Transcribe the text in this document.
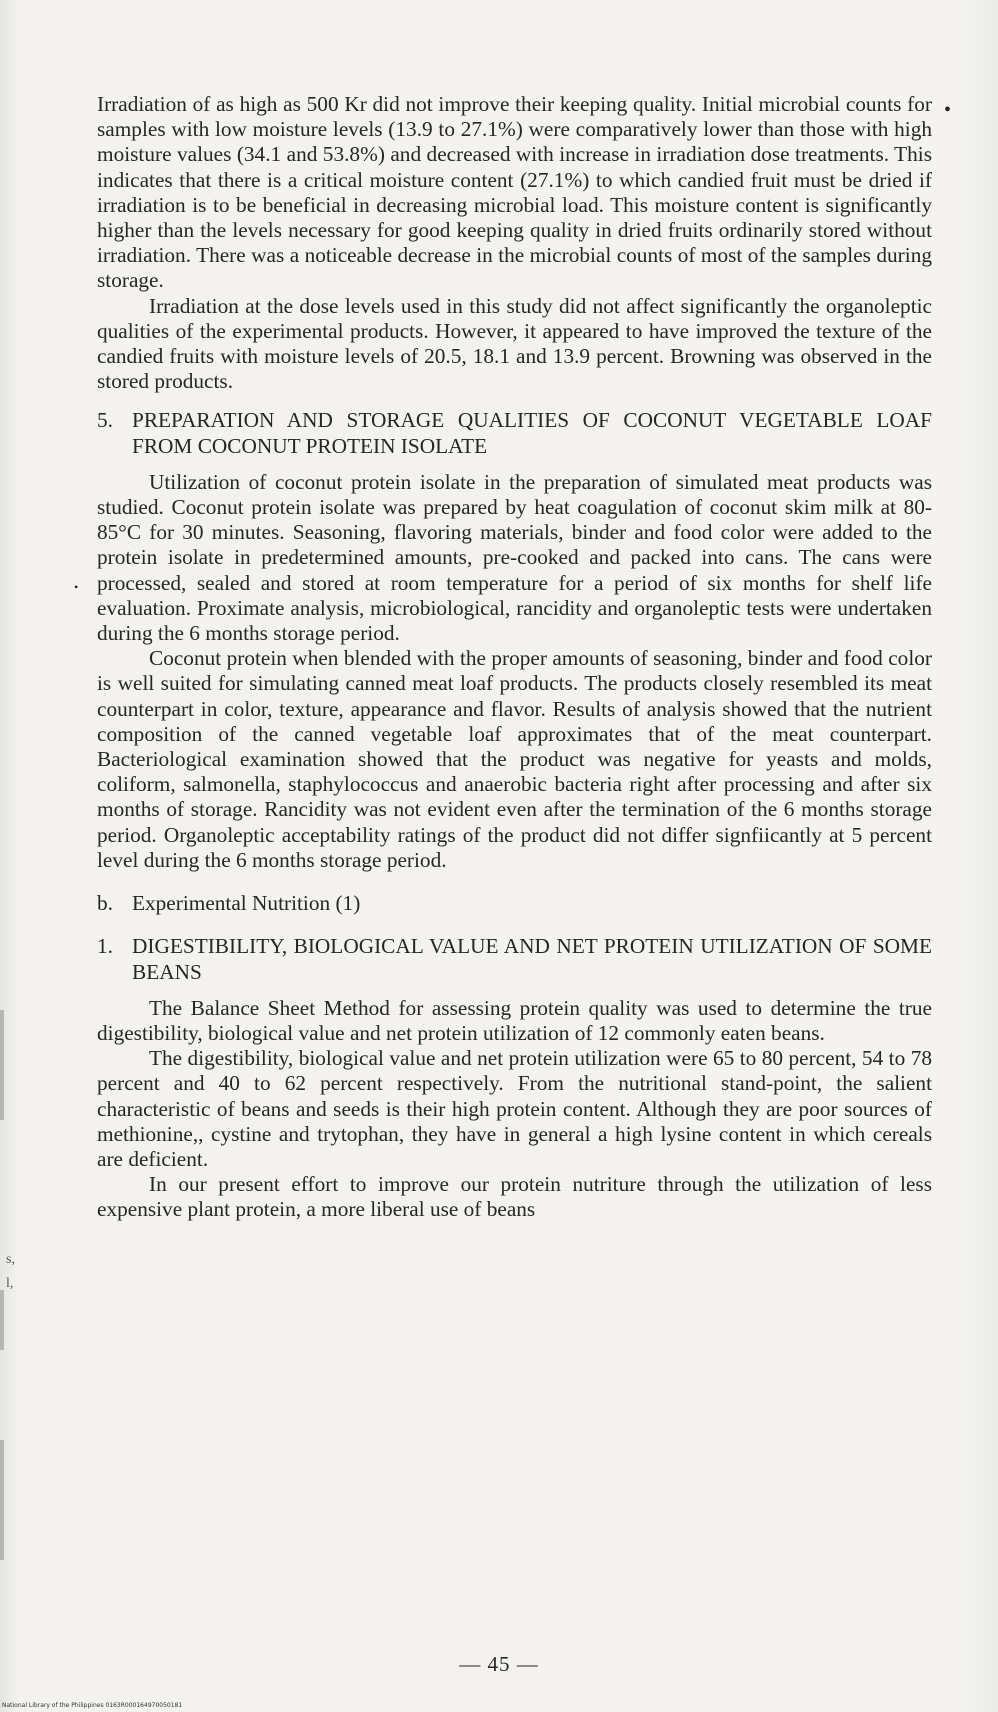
s,
l,
•
•

Irradiation of as high as 500 Kr did not improve their keeping quality. Initial microbial counts for samples with low moisture levels (13.9 to 27.1%) were comparatively lower than those with high moisture values (34.1 and 53.8%) and decreased with increase in irradiation dose treatments. This indicates that there is a critical moisture content (27.1%) to which candied fruit must be dried if irradiation is to be beneficial in decreasing microbial load. This moisture content is significantly higher than the levels necessary for good keeping quality in dried fruits ordinarily stored without irradiation. There was a noticeable decrease in the microbial counts of most of the samples during storage.

Irradiation at the dose levels used in this study did not affect significantly the organoleptic qualities of the experimental products. However, it appeared to have improved the texture of the candied fruits with moisture levels of 20.5, 18.1 and 13.9 percent. Browning was observed in the stored products.

5. PREPARATION AND STORAGE QUALITIES OF COCONUT VEGETABLE LOAF FROM COCONUT PROTEIN ISOLATE

Utilization of coconut protein isolate in the preparation of simulated meat products was studied. Coconut protein isolate was prepared by heat coagulation of coconut skim milk at 80-85°C for 30 minutes. Seasoning, flavoring materials, binder and food color were added to the protein isolate in predetermined amounts, pre-cooked and packed into cans. The cans were processed, sealed and stored at room temperature for a period of six months for shelf life evaluation. Proximate analysis, microbiological, rancidity and organoleptic tests were undertaken during the 6 months storage period.

Coconut protein when blended with the proper amounts of seasoning, binder and food color is well suited for simulating canned meat loaf products. The products closely resembled its meat counterpart in color, texture, appearance and flavor. Results of analysis showed that the nutrient composition of the canned vegetable loaf approximates that of the meat counterpart. Bacteriological examination showed that the product was negative for yeasts and molds, coliform, salmonella, staphylococcus and anaerobic bacteria right after processing and after six months of storage. Rancidity was not evident even after the termination of the 6 months storage period. Organoleptic acceptability ratings of the product did not differ signfiicantly at 5 percent level during the 6 months storage period.

b. Experimental Nutrition (1)
1. DIGESTIBILITY, BIOLOGICAL VALUE AND NET PROTEIN UTILIZATION OF SOME BEANS

The Balance Sheet Method for assessing protein quality was used to determine the true digestibility, biological value and net protein utilization of 12 commonly eaten beans.

The digestibility, biological value and net protein utilization were 65 to 80 percent, 54 to 78 percent and 40 to 62 percent respectively. From the nutritional stand-point, the salient characteristic of beans and seeds is their high protein content. Although they are poor sources of methionine,, cystine and trytophan, they have in general a high lysine content in which cereals are deficient.

In our present effort to improve our protein nutriture through the utilization of less expensive plant protein, a more liberal use of beans

— 45 —
National Library of the Philippines 0163R000164970050181
